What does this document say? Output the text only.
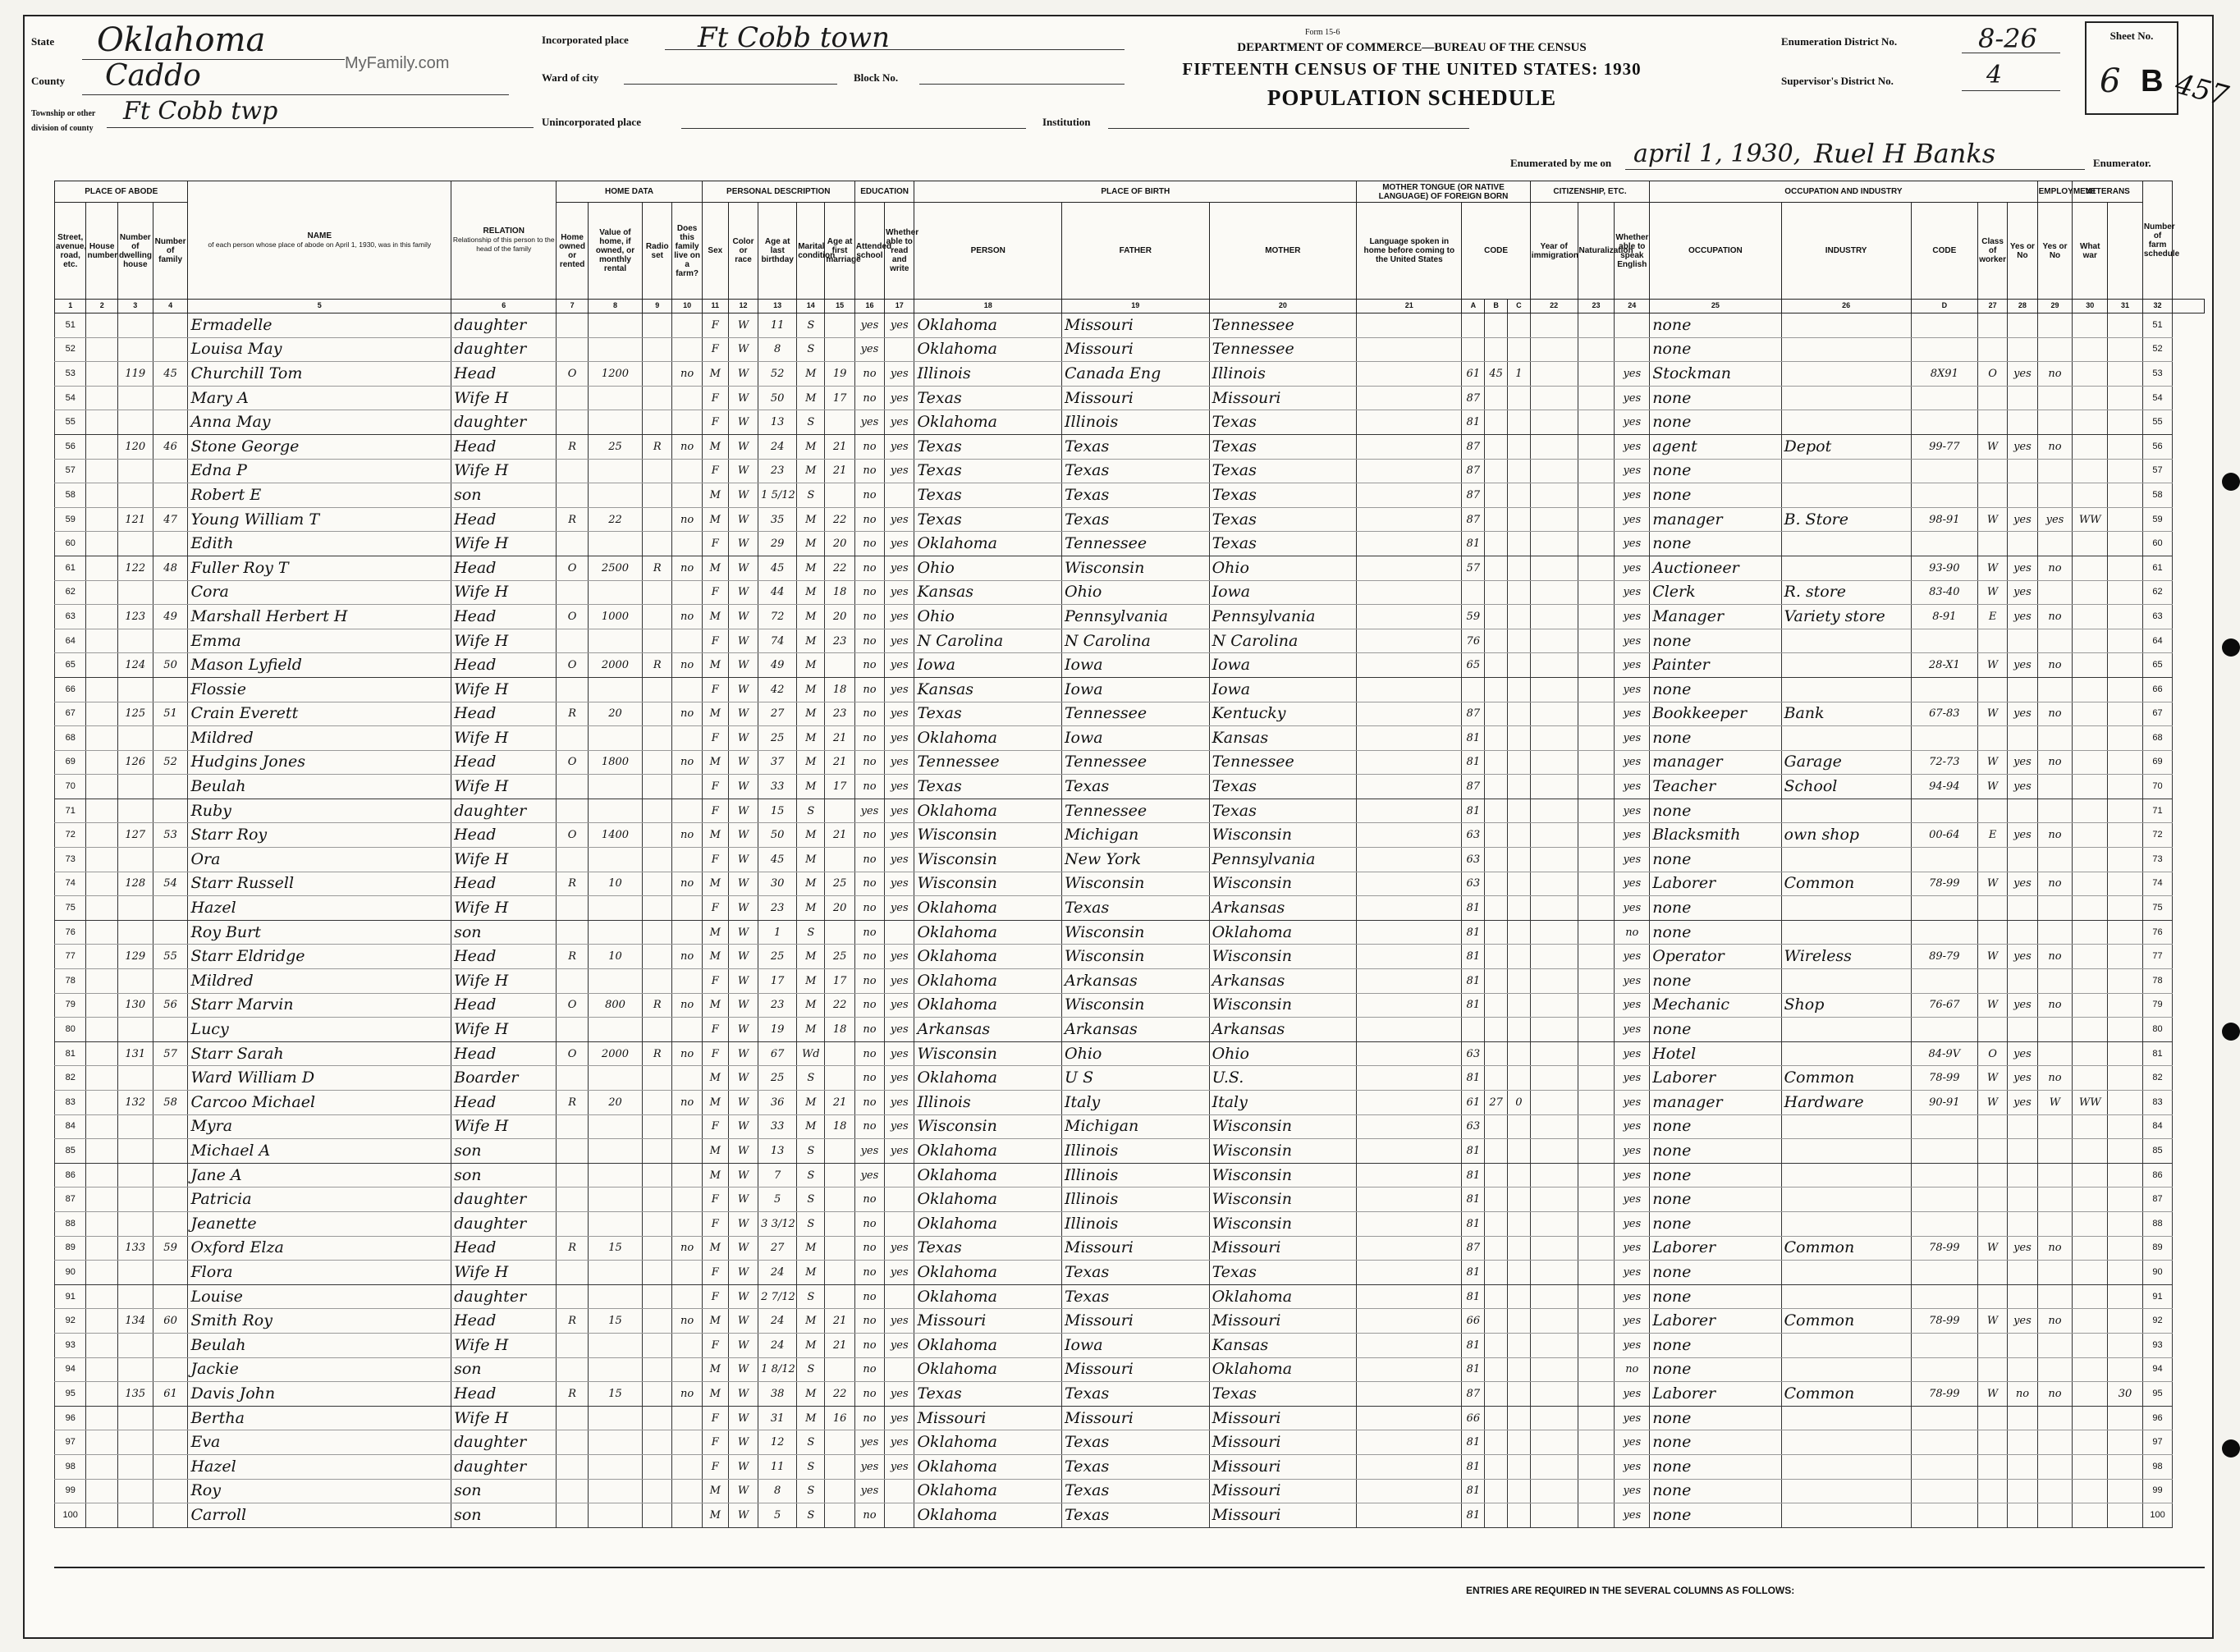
State Oklahoma
MyFamily.com
County Caddo
Township or other division of county
Ft Cobb twp
Incorporated place Ft Cobb town
Ward of city	Block No.
Unincorporated place	Institution
Form 15-6
DEPARTMENT OF COMMERCE—BUREAU OF THE CENSUS
FIFTEENTH CENSUS OF THE UNITED STATES: 1930
POPULATION SCHEDULE
Enumeration District No.	8-26
Supervisor's District No.	4
Sheet No.
6 B 457
Enumerated by me on april 1, 1930, Ruel H Banks	Enumerator.
PLACE OF ABODE				NAME
of each person whose place of abode on April 1, 1930, was in this family	RELATION
Relationship of this person to the head of the family	HOME DATA				PERSONAL DESCRIPTION					EDUCATION		PLACE OF BIRTH			MOTHER TONGUE (OR NATIVE LANGUAGE) OF FOREIGN BORN				CITIZENSHIP, ETC.			OCCUPATION AND INDUSTRY					EMPLOYMENT	VETERANS		Number of farm schedule	
Street, avenue, road, etc.	House number	Number of dwelling house	Number of family			Home owned or rented	Value of home, if owned, or monthly rental	Radio set	Does this family live on a farm?	Sex	Color or race	Age at last birthday	Marital condition	Age at first marriage	Attended school	Whether able to read and write	PERSON	FATHER	MOTHER	Language spoken in home before coming to the United States	CODE			Year of immigration	Naturalization	Whether able to speak English	OCCUPATION	INDUSTRY	CODE	Class of worker	Yes or No	Yes or No	What war			
1	2	3	4	5	6	7	8	9	10	11	12	13	14	15	16	17	18	19	20	21	A	B	C	22	23	24	25	26	D	27	28	29	30	31	32	
51				Ermadelle	daughter					F	W	11	S		yes	yes	Oklahoma	Missouri	Tennessee								none								51	
52				Louisa May	daughter					F	W	8	S		yes		Oklahoma	Missouri	Tennessee								none								52	
53		119	45	Churchill Tom	Head	O	1200		no	M	W	52	M	19	no	yes	Illinois	Canada Eng	Illinois		61	45	1			yes	Stockman		8X91	O	yes	no			53	
54				Mary A	Wife H					F	W	50	M	17	no	yes	Texas	Missouri	Missouri		87					yes	none								54	
55				Anna May	daughter					F	W	13	S		yes	yes	Oklahoma	Illinois	Texas		81					yes	none								55	
56		120	46	Stone George	Head	R	25	R	no	M	W	24	M	21	no	yes	Texas	Texas	Texas		87					yes	agent	Depot	99-77	W	yes	no			56	
57				Edna P	Wife H					F	W	23	M	21	no	yes	Texas	Texas	Texas		87					yes	none								57	
58				Robert E	son					M	W	1 5/12	S		no		Texas	Texas	Texas		87					yes	none								58	
59		121	47	Young William T	Head	R	22		no	M	W	35	M	22	no	yes	Texas	Texas	Texas		87					yes	manager	B. Store	98-91	W	yes	yes	WW		59	
60				Edith	Wife H					F	W	29	M	20	no	yes	Oklahoma	Tennessee	Texas		81					yes	none								60	
61		122	48	Fuller Roy T	Head	O	2500	R	no	M	W	45	M	22	no	yes	Ohio	Wisconsin	Ohio		57					yes	Auctioneer		93-90	W	yes	no			61	
62				Cora	Wife H					F	W	44	M	18	no	yes	Kansas	Ohio	Iowa							yes	Clerk	R. store	83-40	W	yes				62	
63		123	49	Marshall Herbert H	Head	O	1000		no	M	W	72	M	20	no	yes	Ohio	Pennsylvania	Pennsylvania		59					yes	Manager	Variety store	8-91	E	yes	no			63	
64				Emma	Wife H					F	W	74	M	23	no	yes	N Carolina	N Carolina	N Carolina		76					yes	none								64	
65		124	50	Mason Lyfield	Head	O	2000	R	no	M	W	49	M		no	yes	Iowa	Iowa	Iowa		65					yes	Painter		28-X1	W	yes	no			65	
66				Flossie	Wife H					F	W	42	M	18	no	yes	Kansas	Iowa	Iowa							yes	none								66	
67		125	51	Crain Everett	Head	R	20		no	M	W	27	M	23	no	yes	Texas	Tennessee	Kentucky		87					yes	Bookkeeper	Bank	67-83	W	yes	no			67	
68				Mildred	Wife H					F	W	25	M	21	no	yes	Oklahoma	Iowa	Kansas		81					yes	none								68	
69		126	52	Hudgins Jones	Head	O	1800		no	M	W	37	M	21	no	yes	Tennessee	Tennessee	Tennessee		81					yes	manager	Garage	72-73	W	yes	no			69	
70				Beulah	Wife H					F	W	33	M	17	no	yes	Texas	Texas	Texas		87					yes	Teacher	School	94-94	W	yes				70	
71				Ruby	daughter					F	W	15	S		yes	yes	Oklahoma	Tennessee	Texas		81					yes	none								71	
72		127	53	Starr Roy	Head	O	1400		no	M	W	50	M	21	no	yes	Wisconsin	Michigan	Wisconsin		63					yes	Blacksmith	own shop	00-64	E	yes	no			72	
73				Ora	Wife H					F	W	45	M		no	yes	Wisconsin	New York	Pennsylvania		63					yes	none								73	
74		128	54	Starr Russell	Head	R	10		no	M	W	30	M	25	no	yes	Wisconsin	Wisconsin	Wisconsin		63					yes	Laborer	Common	78-99	W	yes	no			74	
75				Hazel	Wife H					F	W	23	M	20	no	yes	Oklahoma	Texas	Arkansas		81					yes	none								75	
76				Roy Burt	son					M	W	1	S		no		Oklahoma	Wisconsin	Oklahoma		81					no	none								76	
77		129	55	Starr Eldridge	Head	R	10		no	M	W	25	M	25	no	yes	Oklahoma	Wisconsin	Wisconsin		81					yes	Operator	Wireless	89-79	W	yes	no			77	
78				Mildred	Wife H					F	W	17	M	17	no	yes	Oklahoma	Arkansas	Arkansas		81					yes	none								78	
79		130	56	Starr Marvin	Head	O	800	R	no	M	W	23	M	22	no	yes	Oklahoma	Wisconsin	Wisconsin		81					yes	Mechanic	Shop	76-67	W	yes	no			79	
80				Lucy	Wife H					F	W	19	M	18	no	yes	Arkansas	Arkansas	Arkansas							yes	none								80	
81		131	57	Starr Sarah	Head	O	2000	R	no	F	W	67	Wd		no	yes	Wisconsin	Ohio	Ohio		63					yes	Hotel		84-9V	O	yes				81	
82				Ward William D	Boarder					M	W	25	S		no	yes	Oklahoma	U S	U.S.		81					yes	Laborer	Common	78-99	W	yes	no			82	
83		132	58	Carcoo Michael	Head	R	20		no	M	W	36	M	21	no	yes	Illinois	Italy	Italy		61	27	0			yes	manager	Hardware	90-91	W	yes	W	WW		83	
84				Myra	Wife H					F	W	33	M	18	no	yes	Wisconsin	Michigan	Wisconsin		63					yes	none								84	
85				Michael A	son					M	W	13	S		yes	yes	Oklahoma	Illinois	Wisconsin		81					yes	none								85	
86				Jane A	son					M	W	7	S		yes		Oklahoma	Illinois	Wisconsin		81					yes	none								86	
87				Patricia	daughter					F	W	5	S		no		Oklahoma	Illinois	Wisconsin		81					yes	none								87	
88				Jeanette	daughter					F	W	3 3/12	S		no		Oklahoma	Illinois	Wisconsin		81					yes	none								88	
89		133	59	Oxford Elza	Head	R	15		no	M	W	27	M		no	yes	Texas	Missouri	Missouri		87					yes	Laborer	Common	78-99	W	yes	no			89	
90				Flora	Wife H					F	W	24	M		no	yes	Oklahoma	Texas	Texas		81					yes	none								90	
91				Louise	daughter					F	W	2 7/12	S		no		Oklahoma	Texas	Oklahoma		81					yes	none								91	
92		134	60	Smith Roy	Head	R	15		no	M	W	24	M	21	no	yes	Missouri	Missouri	Missouri		66					yes	Laborer	Common	78-99	W	yes	no			92	
93				Beulah	Wife H					F	W	24	M	21	no	yes	Oklahoma	Iowa	Kansas		81					yes	none								93	
94				Jackie	son					M	W	1 8/12	S		no		Oklahoma	Missouri	Oklahoma		81					no	none								94	
95		135	61	Davis John	Head	R	15		no	M	W	38	M	22	no	yes	Texas	Texas	Texas		87					yes	Laborer	Common	78-99	W	no	no		30	95	
96				Bertha	Wife H					F	W	31	M	16	no	yes	Missouri	Missouri	Missouri		66					yes	none								96	
97				Eva	daughter					F	W	12	S		yes	yes	Oklahoma	Texas	Missouri		81					yes	none								97	
98				Hazel	daughter					F	W	11	S		yes	yes	Oklahoma	Texas	Missouri		81					yes	none								98	
99				Roy	son					M	W	8	S		yes		Oklahoma	Texas	Missouri		81					yes	none								99	
100				Carroll	son					M	W	5	S		no		Oklahoma	Texas	Missouri		81					yes	none								100	
ENTRIES ARE REQUIRED IN THE SEVERAL COLUMNS AS FOLLOWS:
